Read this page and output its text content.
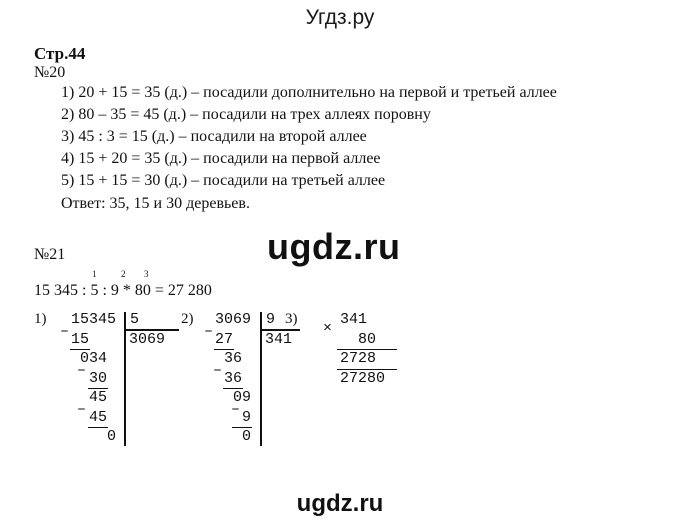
Угдз.ру
Стр.44
№20
1) 20 + 15 = 35 (д.) – посадили дополнительно на первой и третьей аллее
2) 80 – 35 = 45 (д.) – посадили на трех аллеях поровну
3) 45 : 3 = 15 (д.) – посадили на второй аллее
4) 15 + 20 = 35 (д.) – посадили на первой аллее
5) 15 + 15 = 30 (д.) – посадили на третьей аллее
Ответ: 35, 15 и 30 деревьев.
ugdz.ru
№21
1	2 3
15 345 : 5 : 9 * 80 = 27 280
1)	2)	3)
15345 5
3069
– 15
034
– 30
45
– 45
0
3069 9
341
– 27
36
– 36
09
– 9
0
×
341
80
2728
27280
ugdz.ru
